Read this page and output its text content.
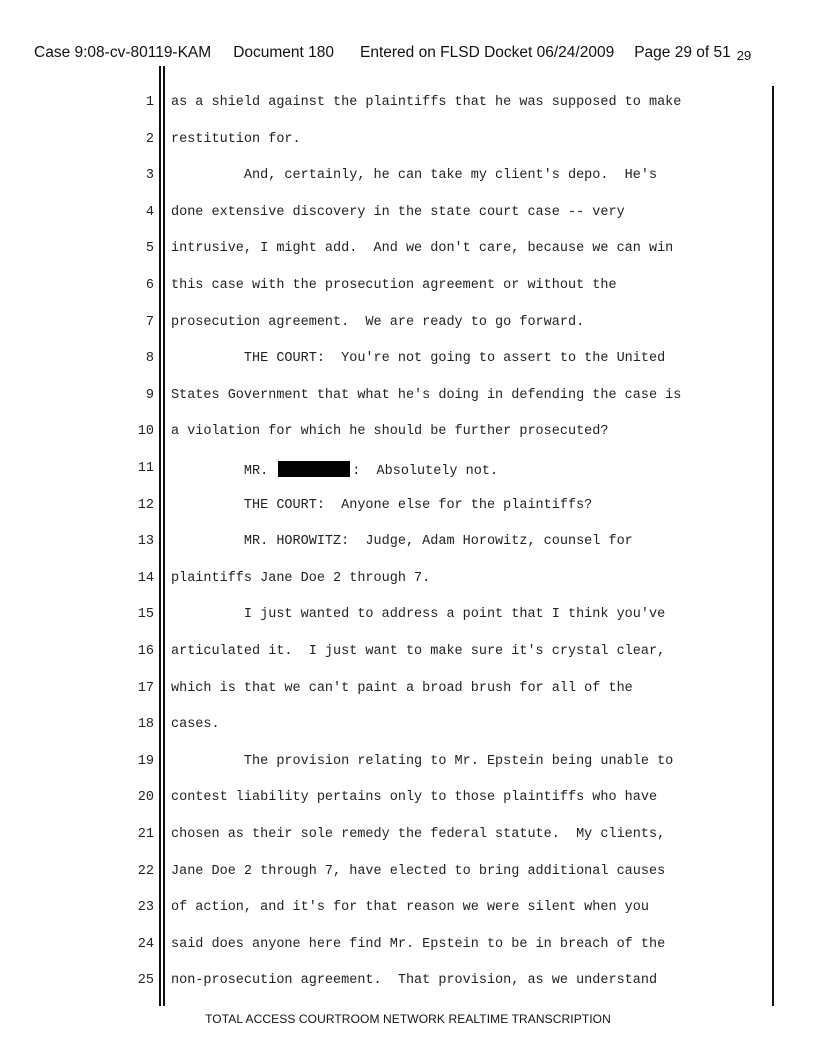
Case 9:08-cv-80119-KAM Document 180 Entered on FLSD Docket 06/24/2009 Page 29 of 51 29
1 as a shield against the plaintiffs that he was supposed to make
2 restitution for.
3 And, certainly, he can take my client's depo.  He's
4 done extensive discovery in the state court case -- very
5 intrusive, I might add.  And we don't care, because we can win
6 this case with the prosecution agreement or without the
7 prosecution agreement.  We are ready to go forward.
8 THE COURT:  You're not going to assert to the United
9 States Government that what he's doing in defending the case is
10 a violation for which he should be further prosecuted?
11 MR.	:  Absolutely not.
12 THE COURT:  Anyone else for the plaintiffs?
13 MR. HOROWITZ:  Judge, Adam Horowitz, counsel for
14 plaintiffs Jane Doe 2 through 7.
15 I just wanted to address a point that I think you've
16 articulated it.  I just want to make sure it's crystal clear,
17 which is that we can't paint a broad brush for all of the
18 cases.
19 The provision relating to Mr. Epstein being unable to
20 contest liability pertains only to those plaintiffs who have
21 chosen as their sole remedy the federal statute.  My clients,
22 Jane Doe 2 through 7, have elected to bring additional causes
23 of action, and it's for that reason we were silent when you
24 said does anyone here find Mr. Epstein to be in breach of the
25 non-prosecution agreement.  That provision, as we understand
TOTAL ACCESS COURTROOM NETWORK REALTIME TRANSCRIPTION
